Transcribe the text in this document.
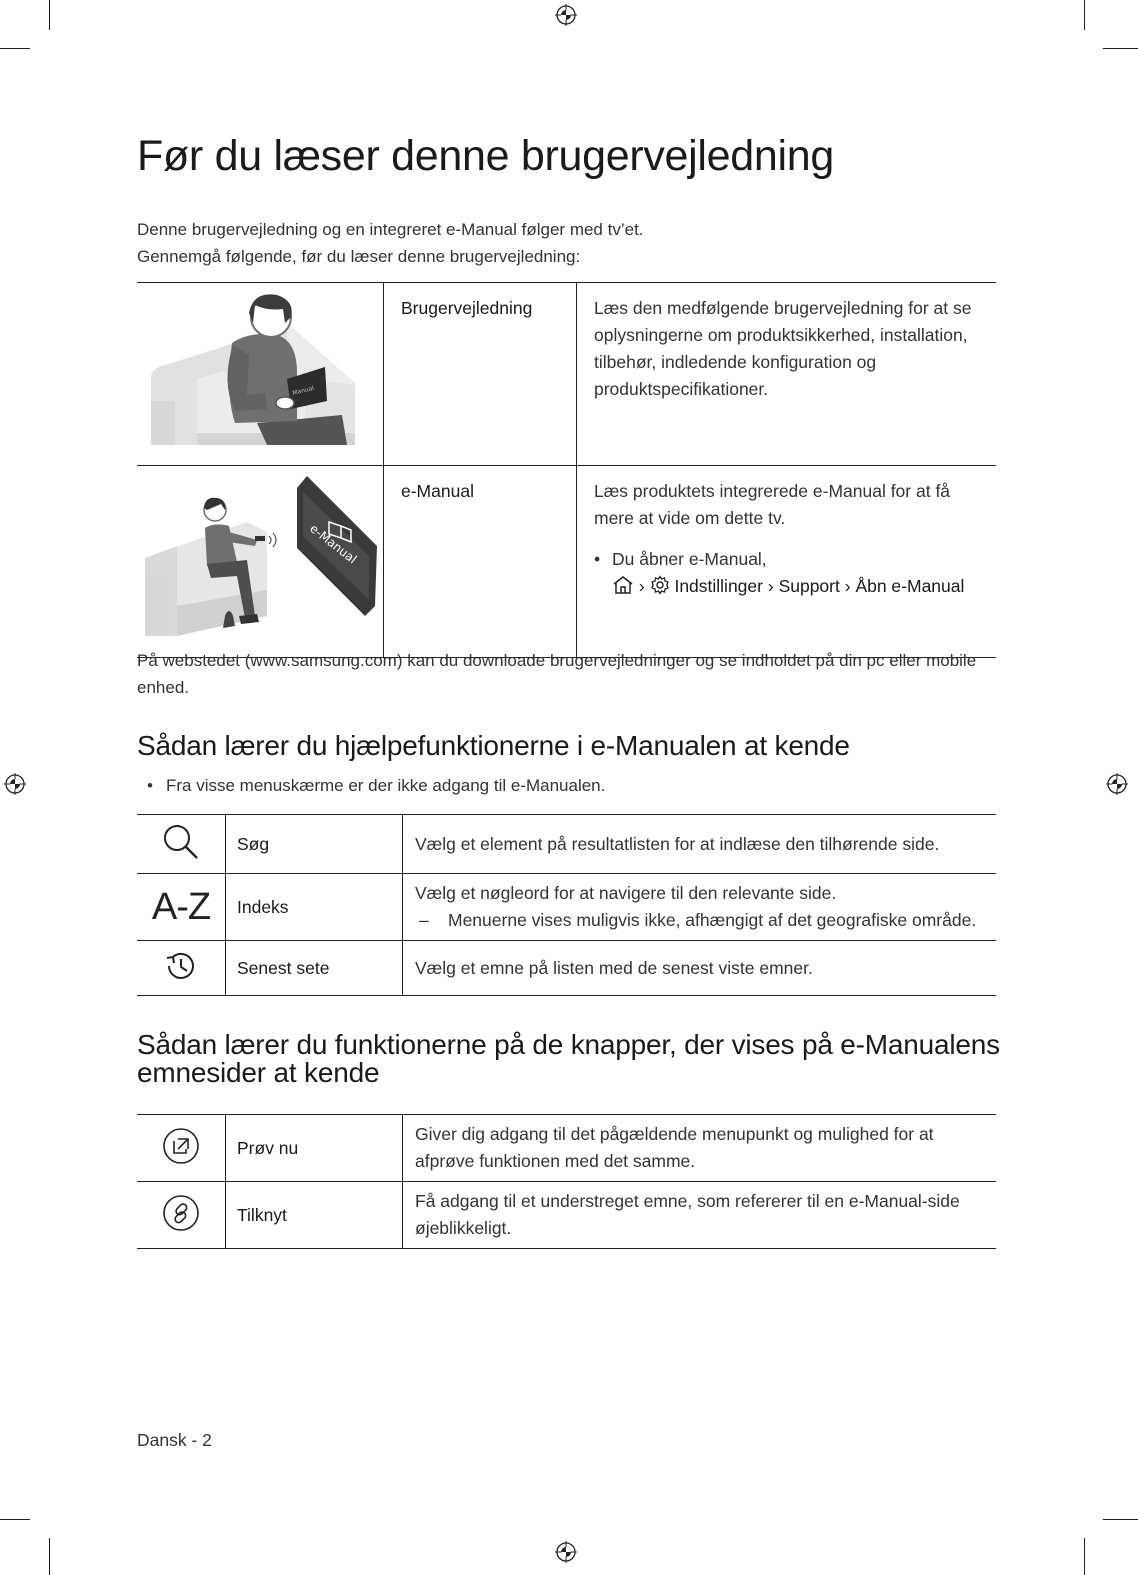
Før du læser denne brugervejledning

Denne brugervejledning og en integreret e-Manual følger med tv’et.

Gennemgå følgende, før du læser denne brugervejledning:

Manual	Brugervejledning	Læs den medfølgende brugervejledning for at se oplysningerne om produktsikkerhed, installation, tilbehør, indledende konfiguration og produktspecifikationer.

e-Manual	e-Manual	Læs produktets integrerede e-Manual for at få mere at vide om dette tv.
• Du åbner e-Manual,
› Indstillinger › Support › Åbn e-Manual

På webstedet (www.samsung.com) kan du downloade brugervejledninger og se indholdet på din pc eller mobile enhed.

Sådan lærer du hjælpefunktionerne i e-Manualen at kende
• Fra visse menuskærme er der ikke adgang til e-Manualen.
	Søg	Vælg et element på resultatlisten for at indlæse den tilhørende side.
A-Z	Indeks	Vælg et nøgleord for at navigere til den relevante side.
– Menuerne vises muligvis ikke, afhængigt af det geografiske område.

	Senest sete	Vælg et emne på listen med de senest viste emner.
Sådan lærer du funktionerne på de knapper, der vises på e-Manualens
emnesider at kende
	Prøv nu	Giver dig adgang til det pågældende menupunkt og mulighed for at afprøve funktionen med det samme.
	Tilknyt	Få adgang til et understreget emne, som refererer til en e-Manual-side øjeblikkeligt.
Dansk - 2
